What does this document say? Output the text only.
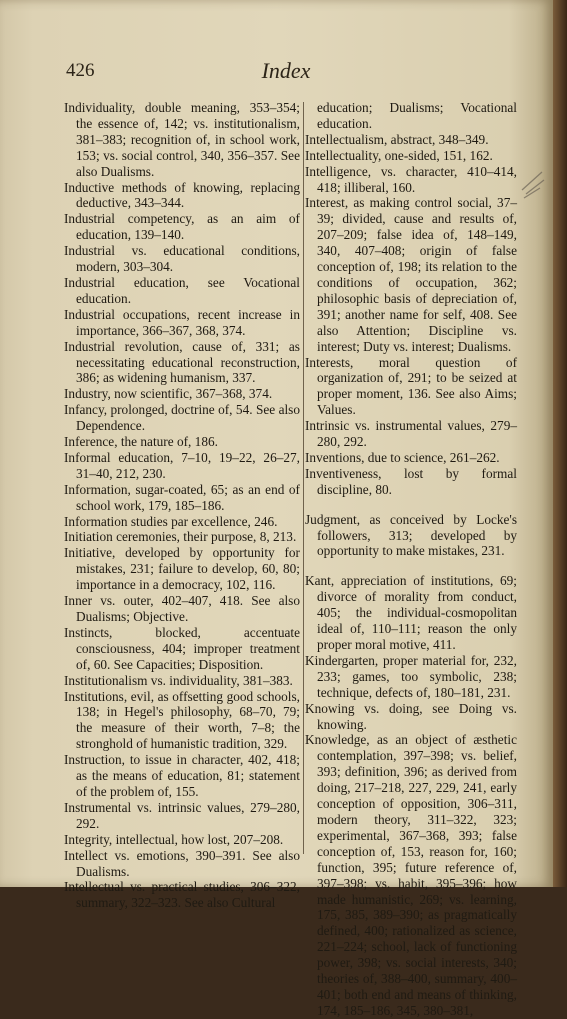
426	Index
Individuality, double meaning, 353–354; the essence of, 142; vs. institutionalism, 381–383; recognition of, in school work, 153; vs. social control, 340, 356–357. See also Dualisms.
Inductive methods of knowing, replacing deductive, 343–344.
Industrial competency, as an aim of education, 139–140.
Industrial vs. educational conditions, modern, 303–304.
Industrial education, see Vocational education.
Industrial occupations, recent increase in importance, 366–367, 368, 374.
Industrial revolution, cause of, 331; as necessitating educational reconstruction, 386; as widening humanism, 337.
Industry, now scientific, 367–368, 374.
Infancy, prolonged, doctrine of, 54. See also Dependence.
Inference, the nature of, 186.
Informal education, 7–10, 19–22, 26–27, 31–40, 212, 230.
Information, sugar-coated, 65; as an end of school work, 179, 185–186.
Information studies par excellence, 246.
Initiation ceremonies, their purpose, 8, 213.
Initiative, developed by opportunity for mistakes, 231; failure to develop, 60, 80; importance in a democracy, 102, 116.
Inner vs. outer, 402–407, 418. See also Dualisms; Objective.
Instincts, blocked, accentuate consciousness, 404; improper treatment of, 60. See Capacities; Disposition.
Institutionalism vs. individuality, 381–383.
Institutions, evil, as offsetting good schools, 138; in Hegel's philosophy, 68–70, 79; the measure of their worth, 7–8; the stronghold of humanistic tradition, 329.
Instruction, to issue in character, 402, 418; as the means of education, 81; statement of the problem of, 155.
Instrumental vs. intrinsic values, 279–280, 292.
Integrity, intellectual, how lost, 207–208.
Intellect vs. emotions, 390–391. See also Dualisms.
Intellectual vs. practical studies, 306–322, summary, 322–323. See also Cultural
education; Dualisms; Vocational education.
Intellectualism, abstract, 348–349.
Intellectuality, one-sided, 151, 162.
Intelligence, vs. character, 410–414, 418; illiberal, 160.
Interest, as making control social, 37–39; divided, cause and results of, 207–209; false idea of, 148–149, 340, 407–408; origin of false conception of, 198; its relation to the conditions of occupation, 362; philosophic basis of depreciation of, 391; another name for self, 408. See also Attention; Discipline vs. interest; Duty vs. interest; Dualisms.
Interests, moral question of organization of, 291; to be seized at proper moment, 136. See also Aims; Values.
Intrinsic vs. instrumental values, 279–280, 292.
Inventions, due to science, 261–262.
Inventiveness, lost by formal discipline, 80.
Judgment, as conceived by Locke's followers, 313; developed by opportunity to make mistakes, 231.
Kant, appreciation of institutions, 69; divorce of morality from conduct, 405; the individual-cosmopolitan ideal of, 110–111; reason the only proper moral motive, 411.
Kindergarten, proper material for, 232, 233; games, too symbolic, 238; technique, defects of, 180–181, 231.
Knowing vs. doing, see Doing vs. knowing.
Knowledge, as an object of æsthetic contemplation, 397–398; vs. belief, 393; definition, 396; as derived from doing, 217–218, 227, 229, 241, early conception of opposition, 306–311, modern theory, 311–322, 323; experimental, 367–368, 393; false conception of, 153, reason for, 160; function, 395; future reference of, 397–398; vs. habit, 395–396; how made humanistic, 269; vs. learning, 175, 385, 389–390; as pragmatically defined, 400; rationalized as science, 221–224; school, lack of functioning power, 398; vs. social interests, 340; theories of, 388–400, summary, 400–401; both end and means of thinking, 174, 185–186, 345, 380–381,
